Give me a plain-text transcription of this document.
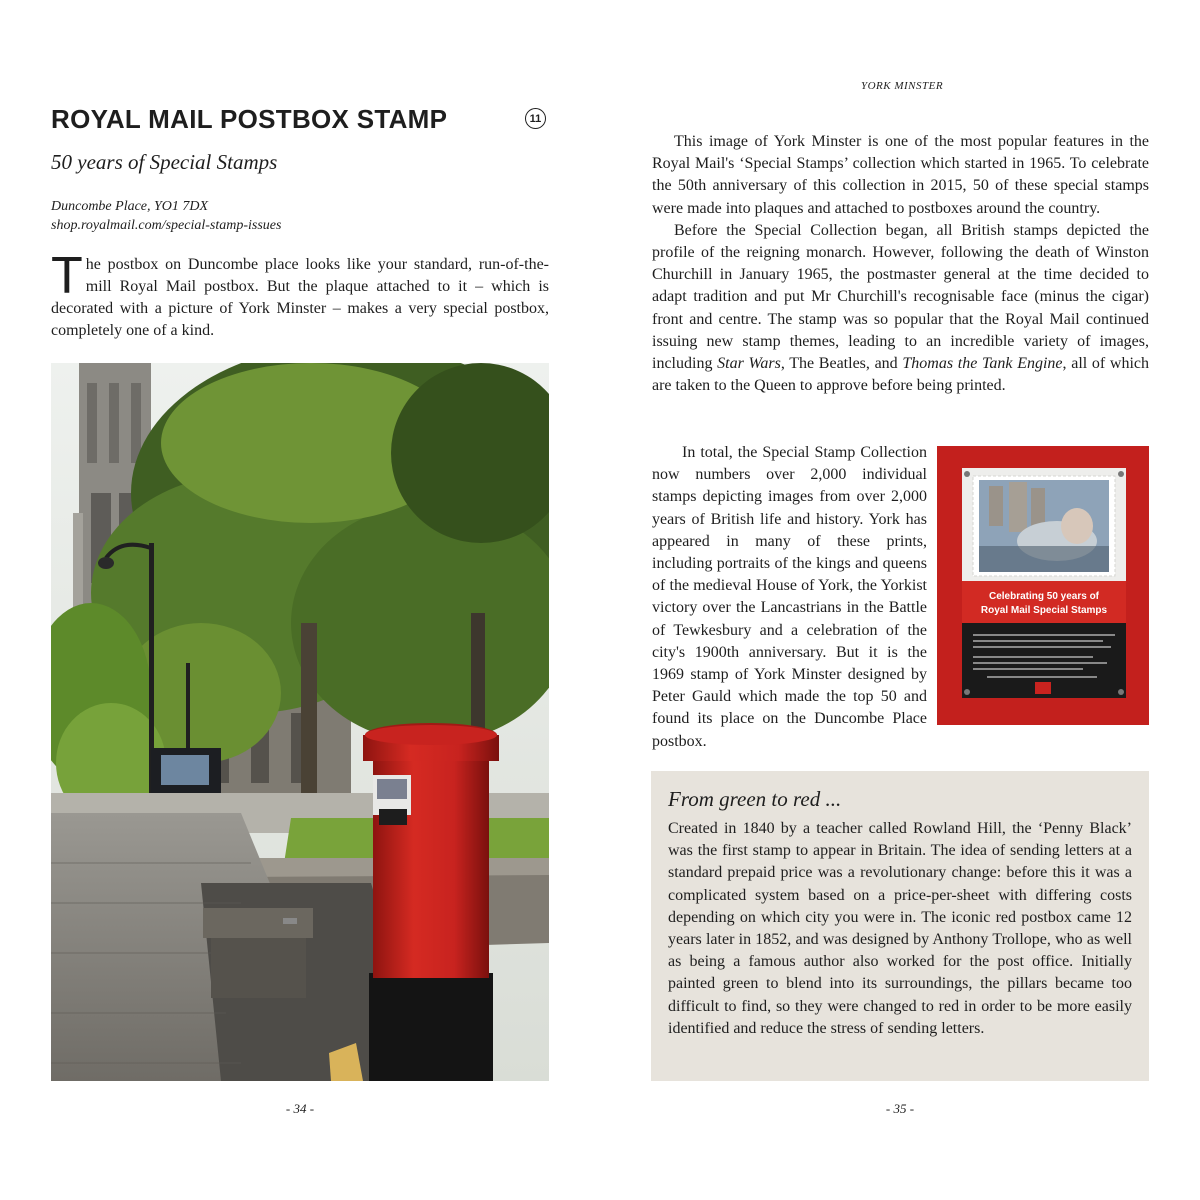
ROYAL MAIL POSTBOX STAMP	11
50 years of Special Stamps
Duncombe Place, YO1 7DX
shop.royalmail.com/special-stamp-issues

The postbox on Duncombe place looks like your standard, run-of-the-mill Royal Mail postbox. But the plaque attached to it – which is decorated with a picture of York Minster – makes a very special postbox, completely one of a kind.

- 34 -
YORK MINSTER

This image of York Minster is one of the most popular features in the Royal Mail's ‘Special Stamps’ collection which started in 1965. To celebrate the 50th anniversary of this collection in 2015, 50 of these special stamps were made into plaques and attached to postboxes around the country.

Before the Special Collection began, all British stamps depicted the profile of the reigning monarch. However, following the death of Winston Churchill in January 1965, the postmaster general at the time decided to adapt tradition and put Mr Churchill's recognisable face (minus the cigar) front and centre. The stamp was so popular that the Royal Mail continued issuing new stamp themes, leading to an incredible variety of images, including Star Wars, The Beatles, and Thomas the Tank Engine, all of which are taken to the Queen to approve before being printed.

Celebrating 50 years of
Royal Mail Special Stamps
In total, the Special Stamp Collection now numbers over 2,000 individual stamps depicting images from over 2,000 years of British life and history. York has appeared in many of these prints, including portraits of the kings and queens of the medieval House of York, the Yorkist victory over the Lancastrians in the Battle of Tewkesbury and a celebration of the city's 1900th anniversary. But it is the 1969 stamp of York Minster designed by Peter Gauld which made the top 50 and found its place on the Duncombe Place postbox.
From green to red ...

Created in 1840 by a teacher called Rowland Hill, the ‘Penny Black’ was the first stamp to appear in Britain. The idea of sending letters at a standard prepaid price was a revolutionary change: before this it was a complicated system based on a price-per-sheet with differing costs depending on which city you were in. The iconic red postbox came 12 years later in 1852, and was designed by Anthony Trollope, who as well as being a famous author also worked for the post office. Initially painted green to blend into its surroundings, the pillars became too difficult to find, so they were changed to red in order to be more easily identified and reduce the stress of sending letters.

- 35 -
